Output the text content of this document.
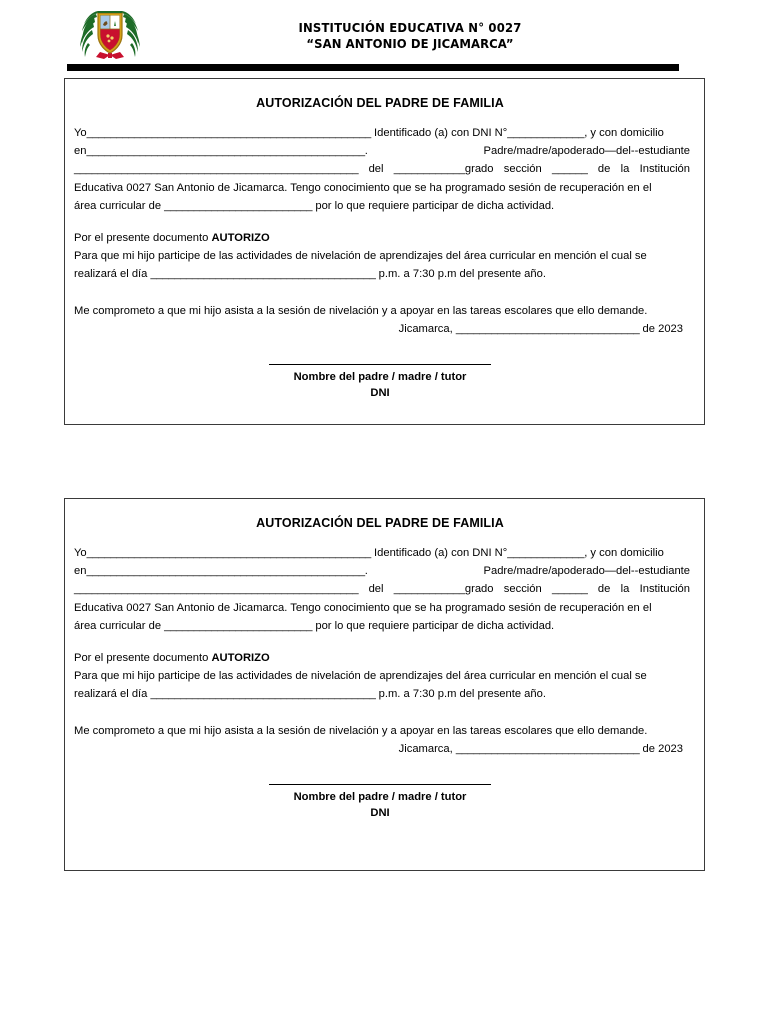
INSTITUCIÓN EDUCATIVA N° 0027
“SAN ANTONIO DE JICAMARCA”
AUTORIZACIÓN DEL PADRE DE FAMILIA
Yo________________________________________________ Identificado (a) con DNI N°_____________, y con domicilio
en_______________________________________________.	Padre/madre/apoderado—del--estudiante
________________________________________________ del ____________grado sección ______ de la Institución
Educativa 0027 San Antonio de Jicamarca. Tengo conocimiento que se ha programado sesión de recuperación en el
área curricular de _________________________ por lo que requiere participar de dicha actividad.
Por el presente documento AUTORIZO
Para que mi hijo participe de las actividades de nivelación de aprendizajes del área curricular en mención el cual se
realizará el día ______________________________________ p.m. a 7:30 p.m del presente año.
Me comprometo a que mi hijo asista a la sesión de nivelación y a apoyar en las tareas escolares que ello demande.
Jicamarca, _______________________________ de 2023
Nombre del padre / madre / tutor
DNI
AUTORIZACIÓN DEL PADRE DE FAMILIA
Yo________________________________________________ Identificado (a) con DNI N°_____________, y con domicilio
en_______________________________________________.	Padre/madre/apoderado—del--estudiante
________________________________________________ del ____________grado sección ______ de la Institución
Educativa 0027 San Antonio de Jicamarca. Tengo conocimiento que se ha programado sesión de recuperación en el
área curricular de _________________________ por lo que requiere participar de dicha actividad.
Por el presente documento AUTORIZO
Para que mi hijo participe de las actividades de nivelación de aprendizajes del área curricular en mención el cual se
realizará el día ______________________________________ p.m. a 7:30 p.m del presente año.
Me comprometo a que mi hijo asista a la sesión de nivelación y a apoyar en las tareas escolares que ello demande.
Jicamarca, _______________________________ de 2023
Nombre del padre / madre / tutor
DNI
